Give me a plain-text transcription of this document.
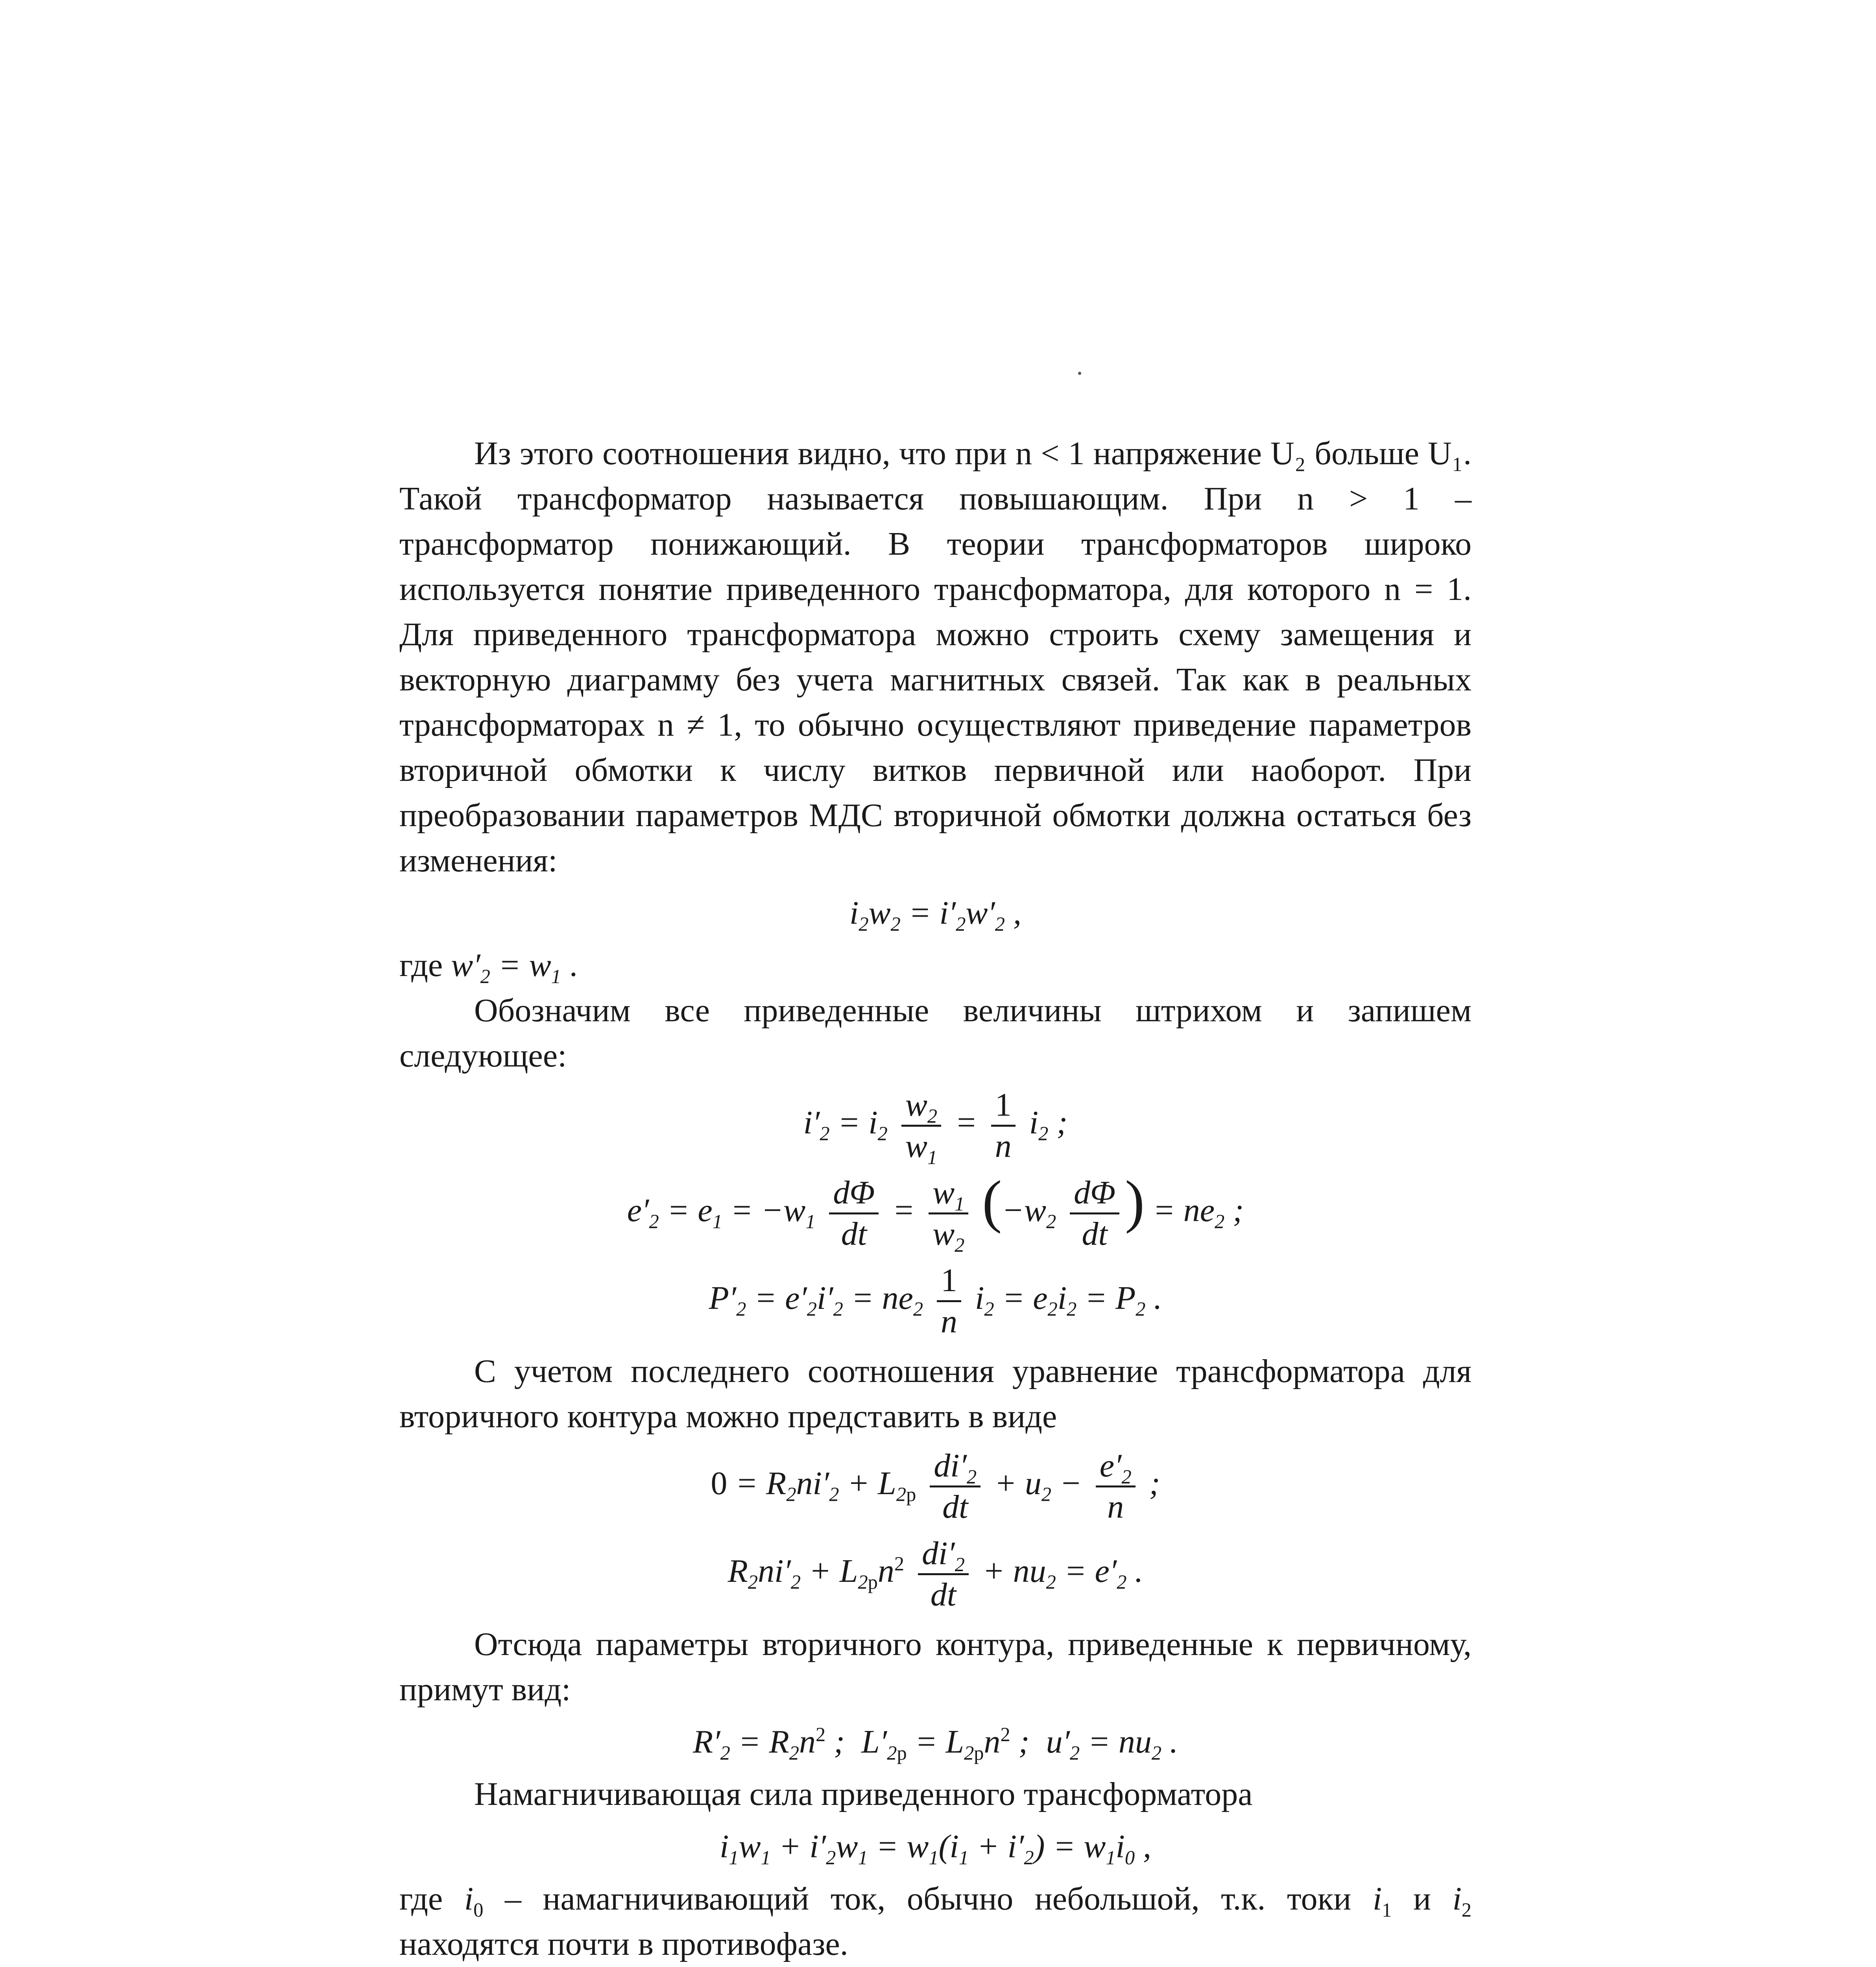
Из этого соотношения видно, что при n < 1 напряжение U₂ больше U₁. Такой трансформатор называется повышающим. При n > 1 – трансформатор понижающий. В теории трансформаторов широко используется понятие приведенного трансформатора, для которого n = 1. Для приведенного трансформатора можно строить схему замещения и векторную диаграмму без учета магнитных связей. Так как в реальных трансформаторах n ≠ 1, то обычно осуществляют приведение параметров вторичной обмотки к числу витков первичной или наоборот. При преобразовании параметров МДС вторичной обмотки должна остаться без изменения:

$i_2w_2 = i'_2w'_2$ ,

где $w'_2 = w_1$ .

Обозначим все приведенные величины штрихом и запишем следующее:

$i'_2 = i_2 \frac{w_2}{w_1} = \frac{1}{n} i_2$ ;
$e'_2 = e_1 = -w_1 \frac{d\Phi}{dt} = \frac{w_1}{w_2} (-w_2 \frac{d\Phi}{dt}$ ) = $ne_2$ ;
$P'_2 = e'_2i'_2 = ne_2 \frac{1}{n} i_2 = e_2i_2 = P_2$ .

С учетом последнего соотношения уравнение трансформатора для вторичного контура можно представить в виде

$0 = R_2ni'_2 + L_{2р} \frac{di'_2}{dt} + u_2 - \frac{e'_2}{n}$ ;
$R_2ni'_2 + L_{2р}n^2 \frac{di'_2}{dt} + nu_2 = e'_2$ .

Отсюда параметры вторичного контура, приведенные к первичному, примут вид:

$R'_2 = R_2n^2$ ;  $L'_{2р} = L_{2р}n^2$ ;  $u'_2 = nu_2$ .

Намагничивающая сила приведенного трансформатора

$i_1w_1 + i'_2w_1 = w_1(i_1 + i'_2) = w_1i_0$ ,

где $i_0$ – намагничивающий ток, обычно небольшой, т.к. токи $i_1$ и $i_2$ находятся почти в противофазе.
